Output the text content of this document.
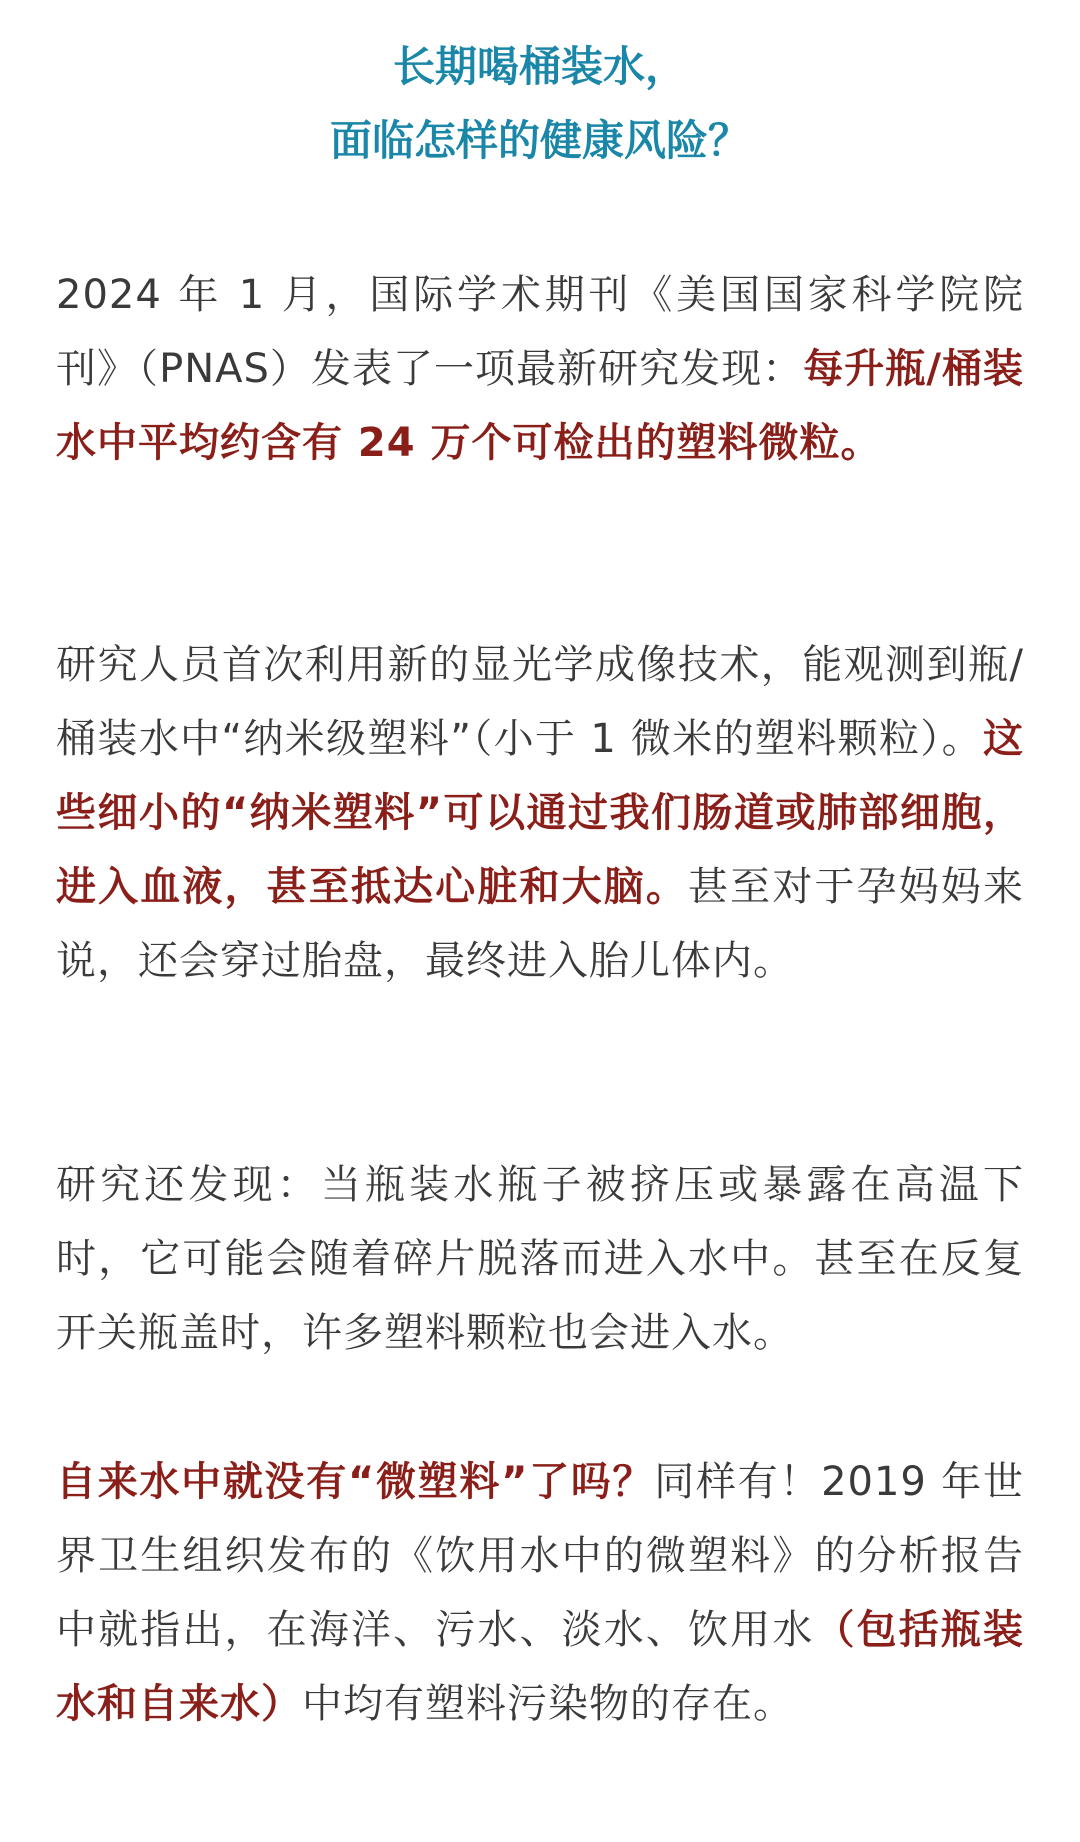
长期喝桶装水，
面临怎样的健康风险？
2024 年 1 月，国际学术期刊《美国国家科学院院刊》（PNAS）发表了一项最新研究发现：每升瓶/桶装水中平均约含有 24 万个可检出的塑料微粒。
研究人员首次利用新的显光学成像技术，能观测到瓶/桶装水中“纳米级塑料”（小于 1 微米的塑料颗粒）。这些细小的“纳米塑料”可以通过我们肠道或肺部细胞，进入血液，甚至抵达心脏和大脑。甚至对于孕妈妈来说，还会穿过胎盘，最终进入胎儿体内。
研究还发现：当瓶装水瓶子被挤压或暴露在高温下时，它可能会随着碎片脱落而进入水中。甚至在反复开关瓶盖时，许多塑料颗粒也会进入水。
自来水中就没有“微塑料”了吗？同样有！2019 年世界卫生组织发布的《饮用水中的微塑料》的分析报告中就指出，在海洋、污水、淡水、饮用水（包括瓶装水和自来水）中均有塑料污染物的存在。
